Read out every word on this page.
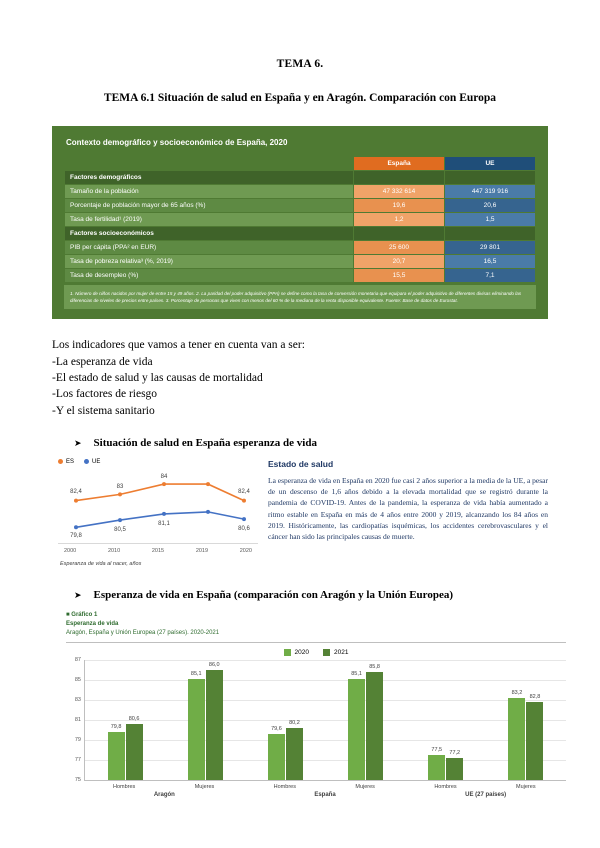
TEMA 6.
TEMA 6.1 Situación de salud en España y en Aragón. Comparación con Europa
Contexto demográfico y socioeconómico de España, 2020
	España	UE
Factores demográficos		
Tamaño de la población	47 332 614	447 319 916
Porcentaje de población mayor de 65 años (%)	19,6	20,6
Tasa de fertilidad¹ (2019)	1,2	1,5
Factores socioeconómicos		
PIB per cápita (PPA² en EUR)	25 600	29 801
Tasa de pobreza relativa³ (%, 2019)	20,7	16,5
Tasa de desempleo (%)	15,5	7,1
1. Número de niños nacidos por mujer de entre 15 y 49 años. 2. La paridad del poder adquisitivo (PPA) se define como la tasa de conversión monetaria que equipara el poder adquisitivo de diferentes divisas eliminando las diferencias de niveles de precios entre países. 3. Porcentaje de personas que viven con menos del 60 % de la mediana de la renta disponible equivalente. Fuente: Base de datos de Eurostat.

Los indicadores que vamos a tener en cuenta van a ser:

-La esperanza de vida

-El estado de salud y las causas de mortalidad

-Los factores de riesgo

-Y el sistema sanitario

➤ Situación de salud en España esperanza de vida
ES	UE
82,4
83
84
82,4
79,8
80,5
81,1
80,6
2000	2010	2015	2019	2020
Esperanza de vida al nacer, años
Estado de salud

La esperanza de vida en España en 2020 fue casi 2 años superior a la media de la UE, a pesar de un descenso de 1,6 años debido a la elevada mortalidad que se registró durante la pandemia de COVID-19. Antes de la pandemia, la esperanza de vida había aumentado a ritmo estable en España en más de 4 años entre 2000 y 2019, alcanzando los 84 años en 2019. Históricamente, las cardiopatías isquémicas, los accidentes cerebrovasculares y el cáncer han sido las principales causas de muerte.

➤ Esperanza de vida en España (comparación con Aragón y la Unión Europea)
■ Gráfico 1
Esperanza de vida
Aragón, España y Unión Europea (27 países). 2020-2021
2020	2021
87
85
83
81
79
77
75
79,8
80,6
85,1
86,0
79,6
80,2
85,1
85,8
77,5 77,2
83,2
82,8
Hombres	Mujeres	Hombres	Mujeres	Hombres	Mujeres
Aragón	España	UE (27 países)
